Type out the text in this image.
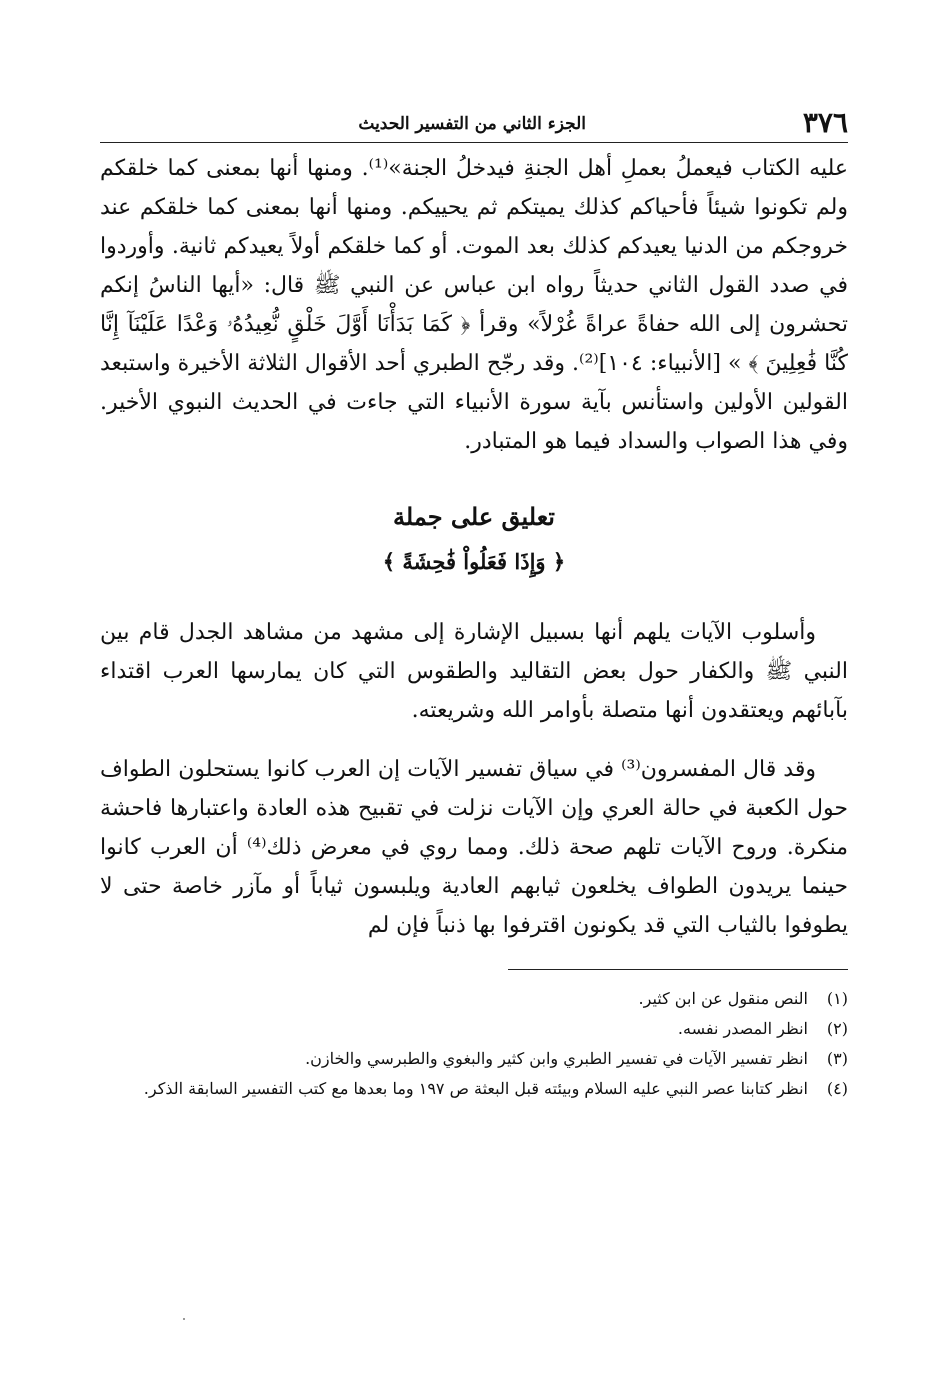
٣٧٦
الجزء الثاني من التفسير الحديث

عليه الكتاب فيعملُ بعملِ أهل الجنةِ فيدخلُ الجنة»⁽¹⁾. ومنها أنها بمعنى كما خلقكم ولم تكونوا شيئاً فأحياكم كذلك يميتكم ثم يحييكم. ومنها أنها بمعنى كما خلقكم عند خروجكم من الدنيا يعيدكم كذلك بعد الموت. أو كما خلقكم أولاً يعيدكم ثانية. وأوردوا في صدد القول الثاني حديثاً رواه ابن عباس عن النبي ﷺ قال: «أيها الناسُ إنكم تحشرون إلى الله حفاةً عراةً غُرْلاً» وقرأ ﴿ كَمَا بَدَأْنَا أَوَّلَ خَلْقٍ نُّعِيدُهُۥ وَعْدًا عَلَيْنَآ إِنَّا كُنَّا فَٰعِلِينَ ﴾ » [الأنبياء: ١٠٤]⁽²⁾. وقد رجّح الطبري أحد الأقوال الثلاثة الأخيرة واستبعد القولين الأولين واستأنس بآية سورة الأنبياء التي جاءت في الحديث النبوي الأخير. وفي هذا الصواب والسداد فيما هو المتبادر.

تعليق على جملة
﴿ وَإِذَا فَعَلُواْ فَٰحِشَةً ﴾

وأسلوب الآيات يلهم أنها بسبيل الإشارة إلى مشهد من مشاهد الجدل قام بين النبي ﷺ والكفار حول بعض التقاليد والطقوس التي كان يمارسها العرب اقتداء بآبائهم ويعتقدون أنها متصلة بأوامر الله وشريعته.

وقد قال المفسرون⁽³⁾ في سياق تفسير الآيات إن العرب كانوا يستحلون الطواف حول الكعبة في حالة العري وإن الآيات نزلت في تقبيح هذه العادة واعتبارها فاحشة منكرة. وروح الآيات تلهم صحة ذلك. ومما روي في معرض ذلك⁽⁴⁾ أن العرب كانوا حينما يريدون الطواف يخلعون ثيابهم العادية ويلبسون ثياباً أو مآزر خاصة حتى لا يطوفوا بالثياب التي قد يكونون اقترفوا بها ذنباً فإن لم

(١)
النص منقول عن ابن كثير.
(٢)
انظر المصدر نفسه.
(٣)
انظر تفسير الآيات في تفسير الطبري وابن كثير والبغوي والطبرسي والخازن.
(٤)
انظر كتابنا عصر النبي عليه السلام وبيئته قبل البعثة ص ١٩٧ وما بعدها مع كتب التفسير السابقة الذكر.
